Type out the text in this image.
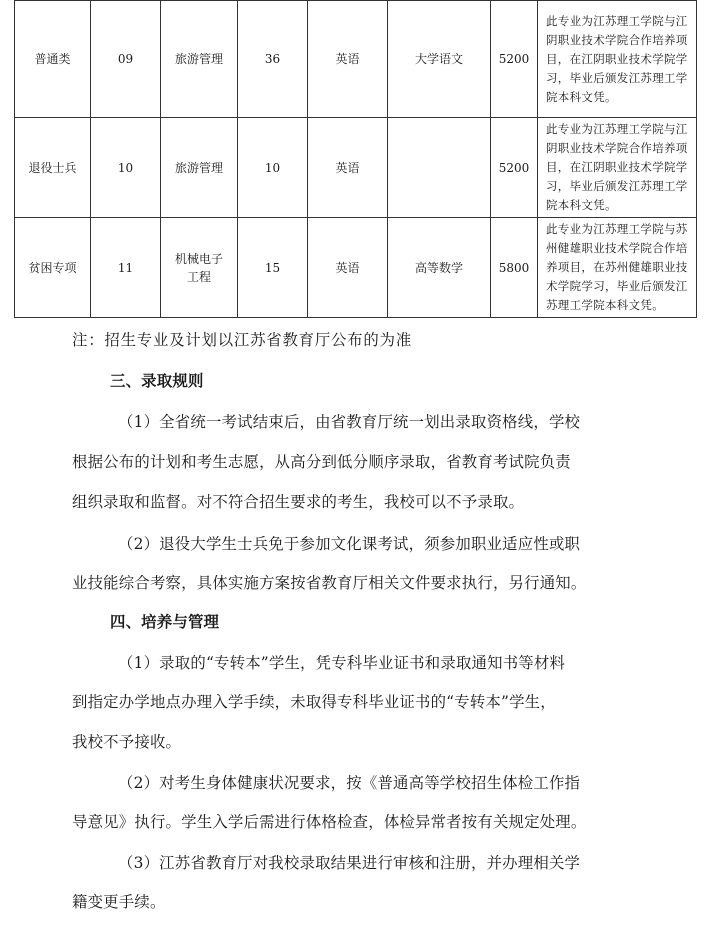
普通类	09	旅游管理	36	英语	大学语文	5200	此专业为江苏理工学院与江阴职业技术学院合作培养项目，在江阴职业技术学院学习，毕业后颁发江苏理工学院本科文凭。
退役士兵	10	旅游管理	10	英语		5200	此专业为江苏理工学院与江阴职业技术学院合作培养项目，在江阴职业技术学院学习，毕业后颁发江苏理工学院本科文凭。
贫困专项	11	机械电子工程	15	英语	高等数学	5800	此专业为江苏理工学院与苏州健雄职业技术学院合作培养项目，在苏州健雄职业技术学院学习，毕业后颁发江苏理工学院本科文凭。
注：招生专业及计划以江苏省教育厅公布的为准
三、录取规则
（1）全省统一考试结束后，由省教育厅统一划出录取资格线，学校
根据公布的计划和考生志愿，从高分到低分顺序录取，省教育考试院负责
组织录取和监督。对不符合招生要求的考生，我校可以不予录取。
（2）退役大学生士兵免于参加文化课考试，须参加职业适应性或职
业技能综合考察，具体实施方案按省教育厅相关文件要求执行，另行通知。
四、培养与管理
（1）录取的“专转本”学生，凭专科毕业证书和录取通知书等材料
到指定办学地点办理入学手续，未取得专科毕业证书的“专转本”学生，
我校不予接收。
（2）对考生身体健康状况要求，按《普通高等学校招生体检工作指
导意见》执行。学生入学后需进行体格检查，体检异常者按有关规定处理。
（3）江苏省教育厅对我校录取结果进行审核和注册，并办理相关学
籍变更手续。
